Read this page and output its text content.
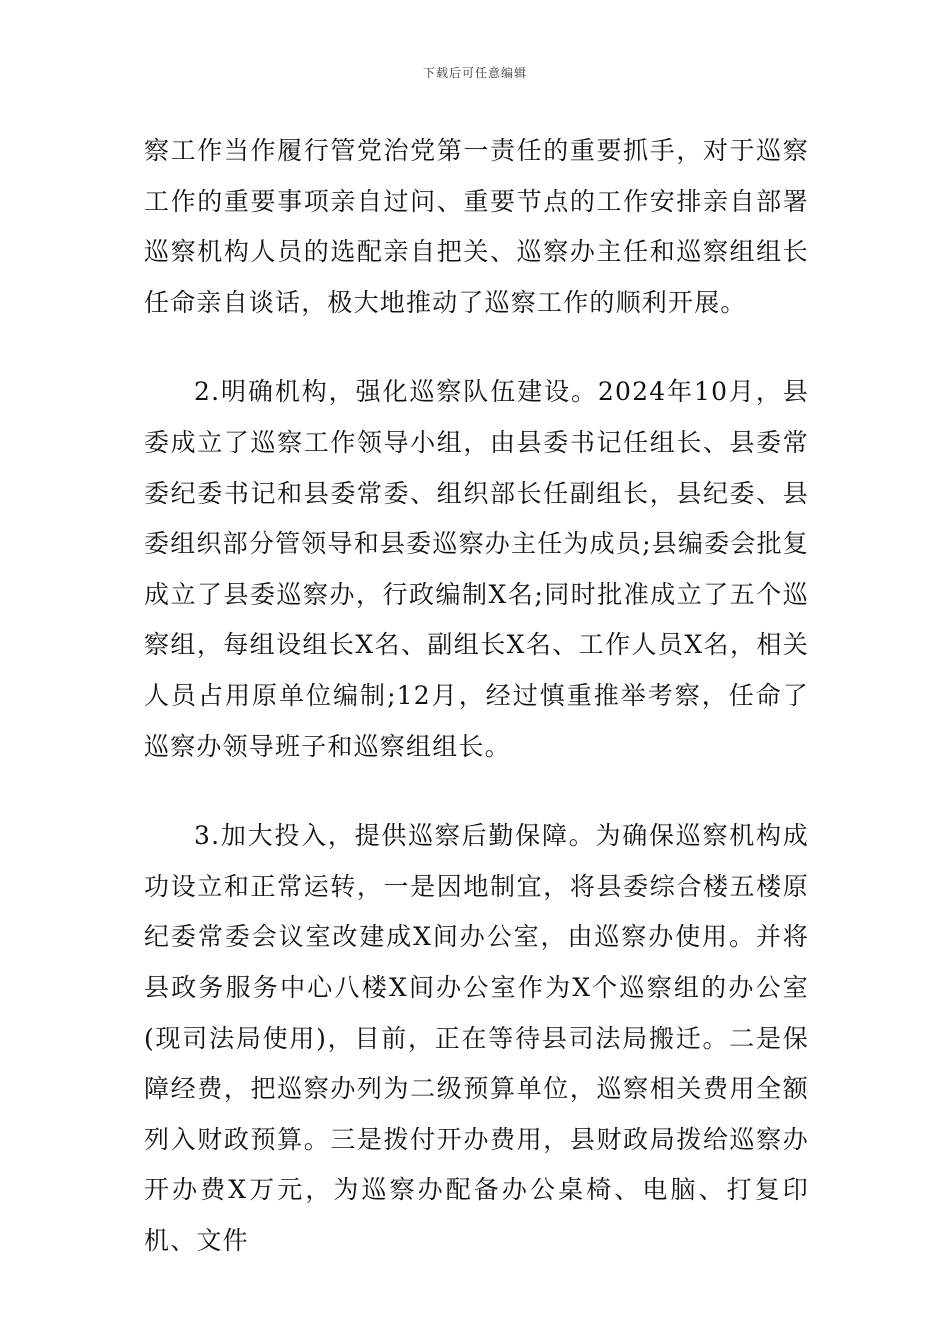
下载后可任意编辑

察工作当作履行管党治党第一责任的重要抓手，对于巡察工作的重要事项亲自过问、重要节点的工作安排亲自部署巡察机构人员的选配亲自把关、巡察办主任和巡察组组长任命亲自谈话，极大地推动了巡察工作的顺利开展。

2.明确机构，强化巡察队伍建设。2024年10月，县委成立了巡察工作领导小组，由县委书记任组长、县委常委纪委书记和县委常委、组织部长任副组长，县纪委、县委组织部分管领导和县委巡察办主任为成员;县编委会批复成立了县委巡察办，行政编制X名;同时批准成立了五个巡察组，每组设组长X名、副组长X名、工作人员X名，相关人员占用原单位编制;12月，经过慎重推举考察，任命了巡察办领导班子和巡察组组长。

3.加大投入，提供巡察后勤保障。为确保巡察机构成功设立和正常运转，一是因地制宜，将县委综合楼五楼原纪委常委会议室改建成X间办公室，由巡察办使用。并将县政务服务中心八楼X间办公室作为X个巡察组的办公室(现司法局使用)，目前，正在等待县司法局搬迁。二是保障经费，把巡察办列为二级预算单位，巡察相关费用全额列入财政预算。三是拨付开办费用，县财政局拨给巡察办开办费X万元，为巡察办配备办公桌椅、电脑、打复印机、文件
